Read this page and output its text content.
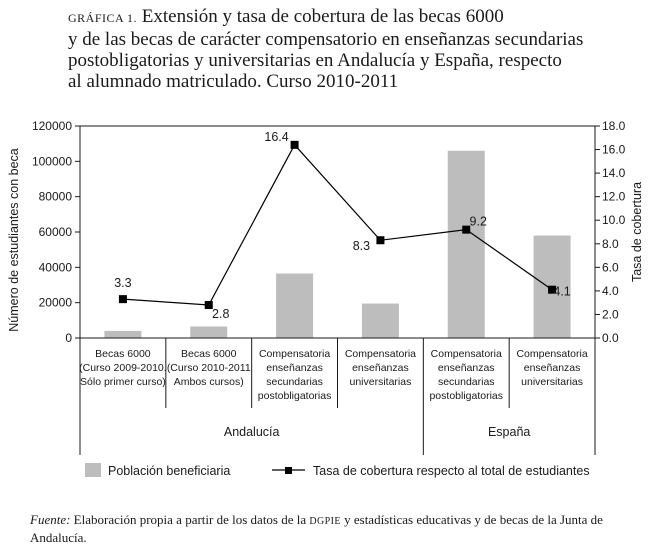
GRÁFICA 1. Extensión y tasa de cobertura de las becas 6000
y de las becas de carácter compensatorio en enseñanzas secundarias
postobligatorias y universitarias en Andalucía y España, respecto
al alumnado matriculado. Curso 2010-2011
0
20000
40000
60000
80000
100000
120000
0.0
2.0
4.0
6.0
8.0
10.0
12.0
14.0
16.0
18.0
Número de estudiantes con beca	Tasa de cobertura
Becas 6000
(Curso 2009-2010.
Sólo primer curso)
Becas 6000
(Curso 2010-2011
Ambos cursos)
Compensatoria
enseñanzas
secundarias
postobligatorias
Compensatoria
enseñanzas
universitarias
Compensatoria
enseñanzas
secundarias
postobligatorias
Compensatoria
enseñanzas
universitarias
Andalucía	España
3.3
2.8
16.4
8.3
9.2
4.1
Población beneficiaria	Tasa de cobertura respecto al total de estudiantes
Fuente: Elaboración propia a partir de los datos de la DGPIE y estadísticas educativas y de becas de la Junta de Andalucía.
